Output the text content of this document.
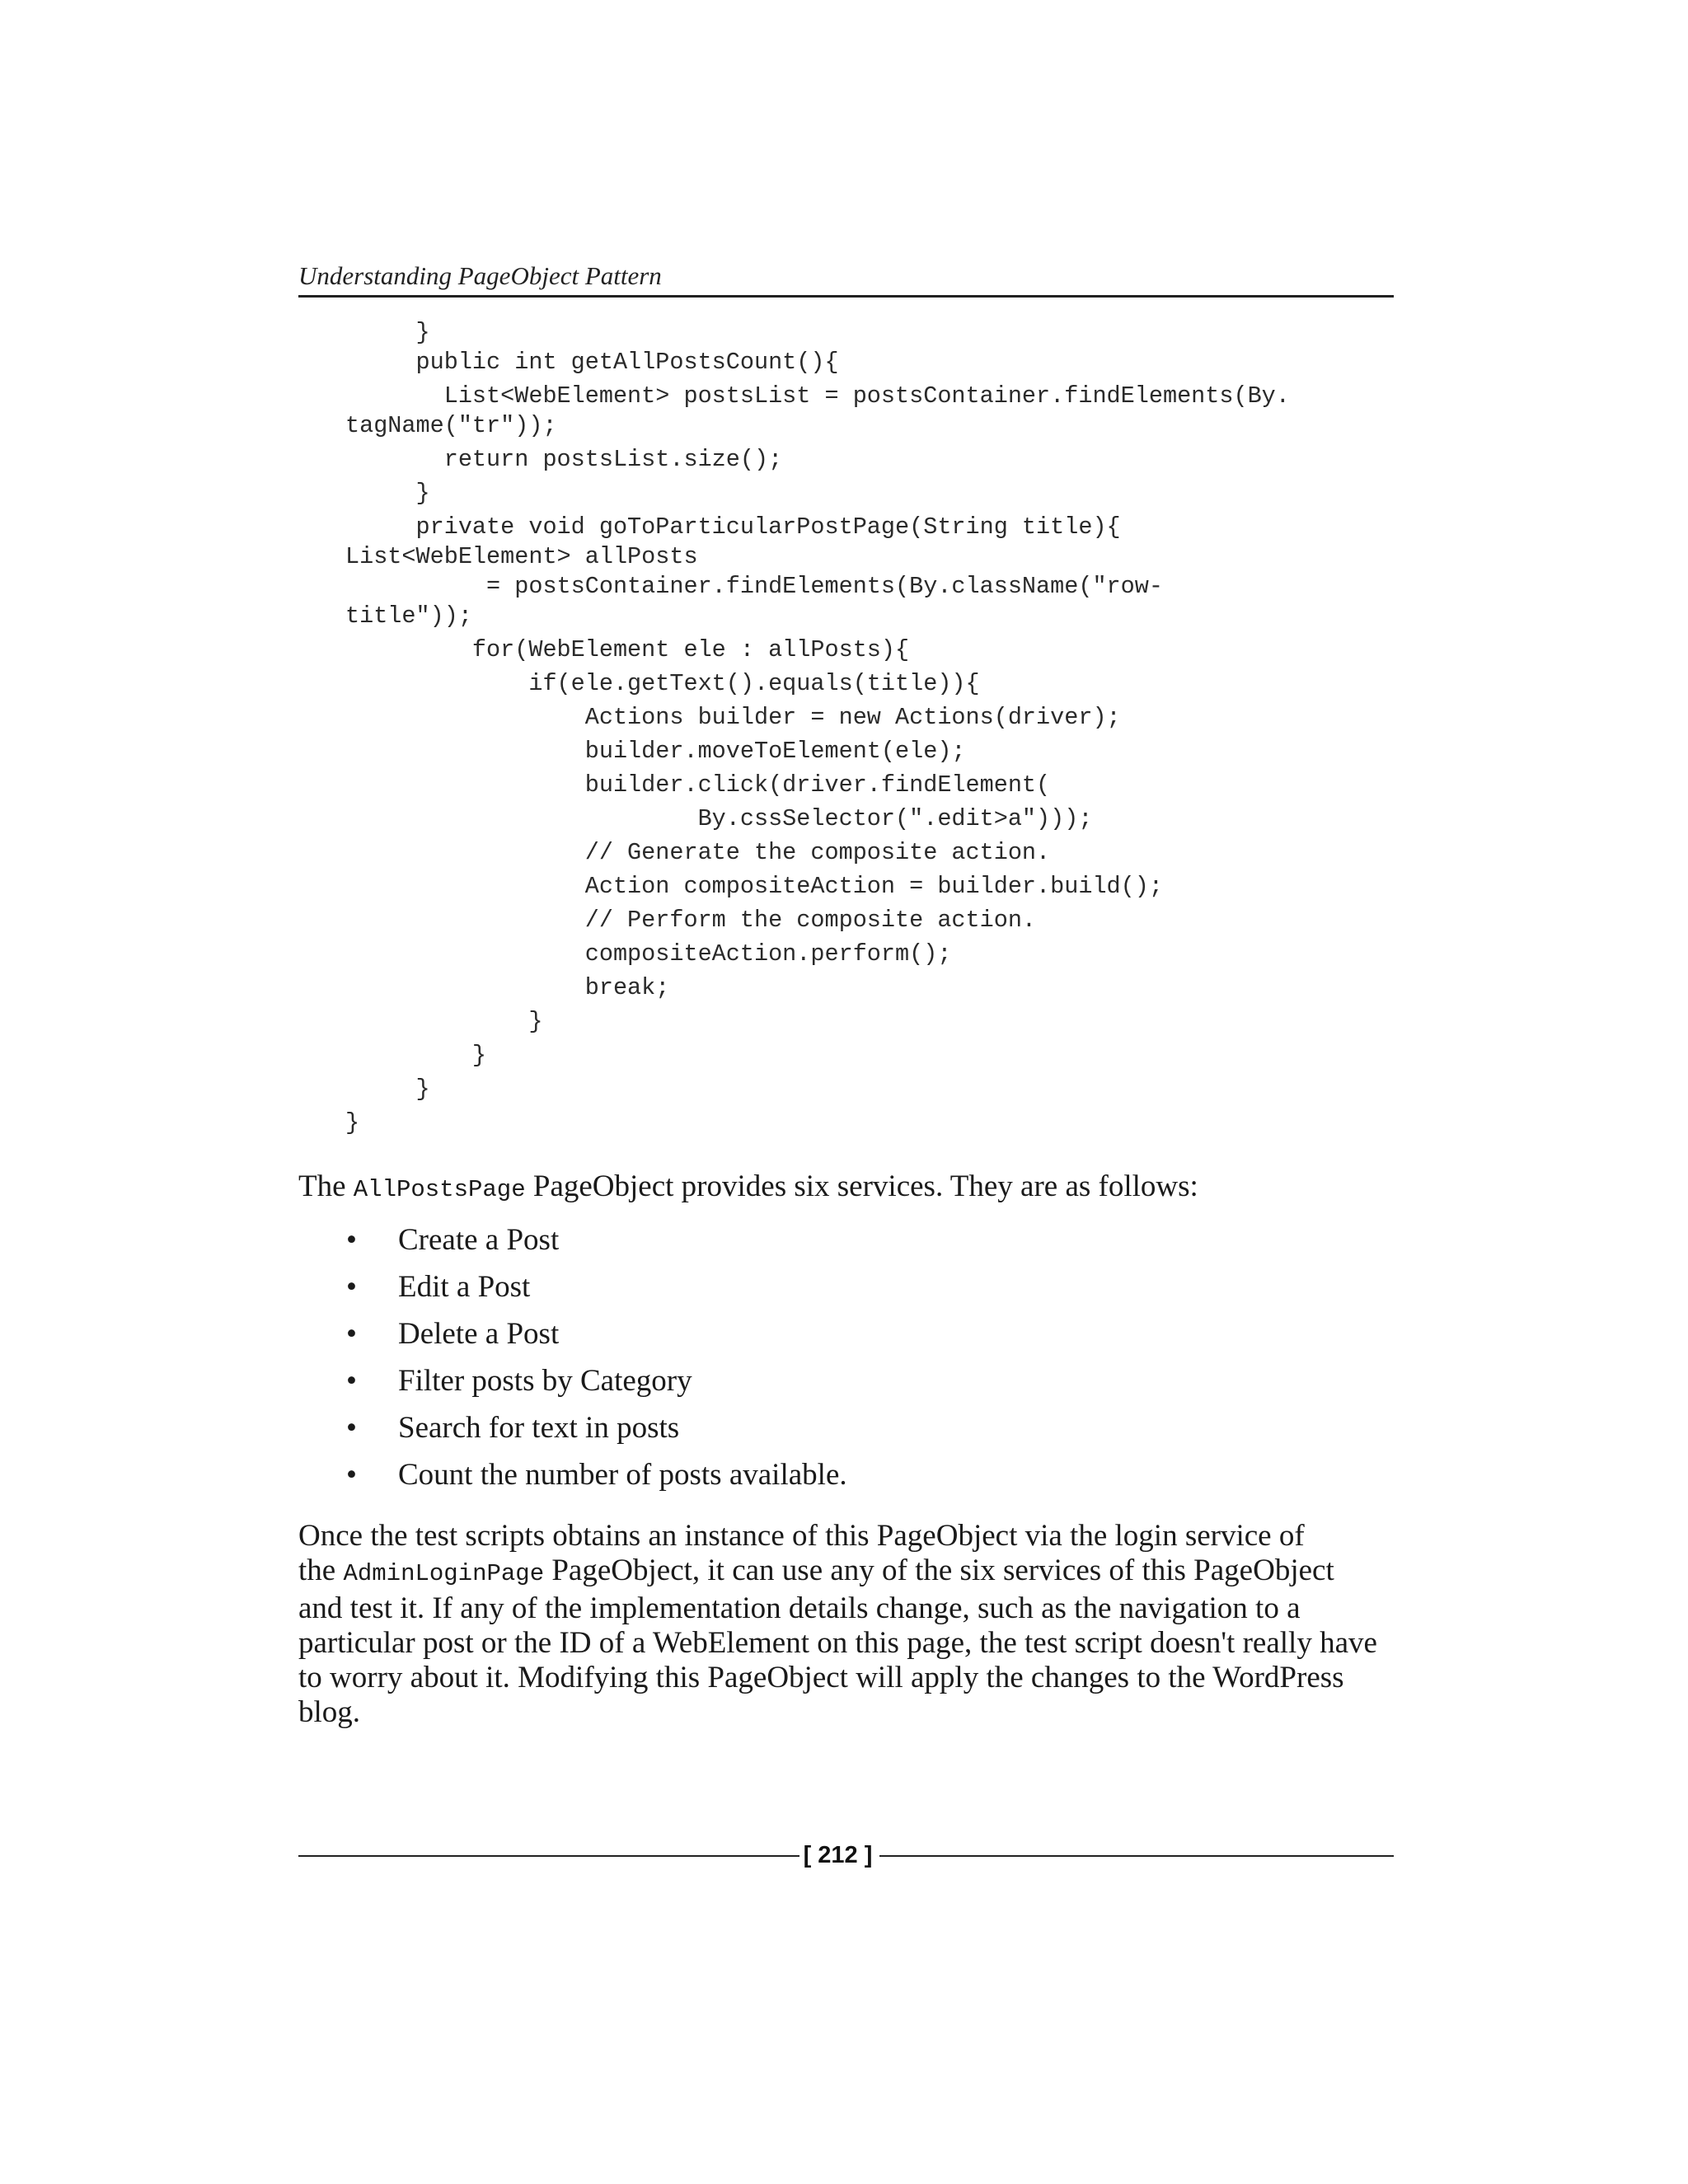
Understanding PageObject Pattern
}
public int getAllPostsCount(){
List<WebElement> postsList = postsContainer.findElements(By.
tagName("tr"));
return postsList.size();
}
private void goToParticularPostPage(String title){
List<WebElement> allPosts
= postsContainer.findElements(By.className("row-
title"));
for(WebElement ele : allPosts){
if(ele.getText().equals(title)){
Actions builder = new Actions(driver);
builder.moveToElement(ele);
builder.click(driver.findElement(
By.cssSelector(".edit>a")));
// Generate the composite action.
Action compositeAction = builder.build();
// Perform the composite action.
compositeAction.perform();
break;
}
}
}
}
The AllPostsPage PageObject provides six services. They are as follows:
• Create a Post
• Edit a Post
• Delete a Post
• Filter posts by Category
• Search for text in posts
• Count the number of posts available.
Once the test scripts obtains an instance of this PageObject via the login service of
the AdminLoginPage PageObject, it can use any of the six services of this PageObject
and test it. If any of the implementation details change, such as the navigation to a particular post or the ID of a WebElement on this page, the test script doesn't really have to worry about it. Modifying this PageObject will apply the changes to the WordPress blog.
[ 212 ]
